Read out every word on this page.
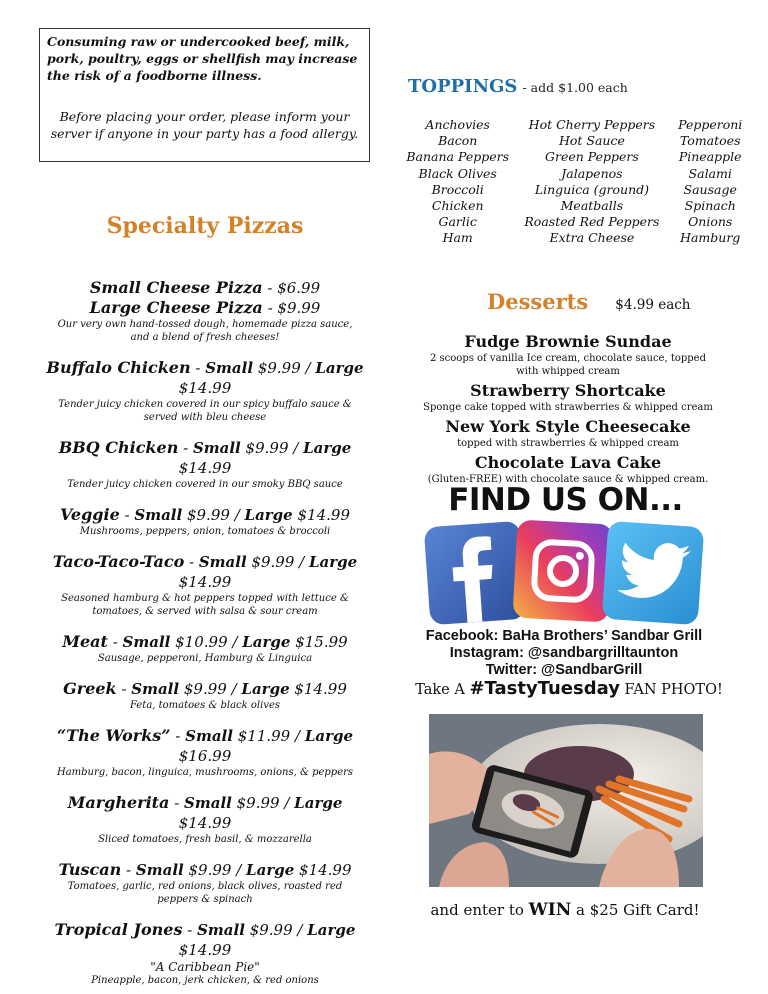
Consuming raw or undercooked beef, milk, pork, poultry, eggs or shellfish may increase the risk of a foodborne illness.

Before placing your order, please inform your server if anyone in your party has a food allergy.

Specialty Pizzas
Small Cheese Pizza - $6.99
Large Cheese Pizza - $9.99
Our very own hand-tossed dough, homemade pizza sauce, and a blend of fresh cheeses!
Buffalo Chicken - Small $9.99 / Large $14.99
Tender juicy chicken covered in our spicy buffalo sauce & served with bleu cheese
BBQ Chicken - Small $9.99 / Large $14.99
Tender juicy chicken covered in our smoky BBQ sauce
Veggie - Small $9.99 / Large $14.99
Mushrooms, peppers, onion, tomatoes & broccoli
Taco-Taco-Taco - Small $9.99 / Large $14.99
Seasoned hamburg & hot peppers topped with lettuce & tomatoes, & served with salsa & sour cream
Meat - Small $10.99 / Large $15.99
Sausage, pepperoni, Hamburg & Linguica
Greek - Small $9.99 / Large $14.99
Feta, tomatoes & black olives
“The Works” - Small $11.99 / Large $16.99
Hamburg, bacon, linguica, mushrooms, onions, & peppers
Margherita - Small $9.99 / Large $14.99
Sliced tomatoes, fresh basil, & mozzarella
Tuscan - Small $9.99 / Large $14.99
Tomatoes, garlic, red onions, black olives, roasted red peppers & spinach
Tropical Jones - Small $9.99 / Large $14.99
"A Caribbean Pie"
Pineapple, bacon, jerk chicken, & red onions
TOPPINGS - add $1.00 each
Anchovies
Bacon
Banana Peppers
Black Olives
Broccoli
Chicken
Garlic
Ham
Hot Cherry Peppers
Hot Sauce
Green Peppers
Jalapenos
Linguica (ground)
Meatballs
Roasted Red Peppers
Extra Cheese
Pepperoni
Tomatoes
Pineapple
Salami
Sausage
Spinach
Onions
Hamburg
Desserts $4.99 each
Fudge Brownie Sundae
2 scoops of vanilla Ice cream, chocolate sauce, topped with whipped cream
Strawberry Shortcake
Sponge cake topped with strawberries & whipped cream
New York Style Cheesecake
topped with strawberries & whipped cream
Chocolate Lava Cake
(Gluten-FREE) with chocolate sauce & whipped cream.
FIND US ON...
Facebook: BaHa Brothers’ Sandbar Grill
Instagram: @sandbargrilltaunton
Twitter: @SandbarGrill
Take A #TastyTuesday FAN PHOTO!
and enter to WIN a $25 Gift Card!
